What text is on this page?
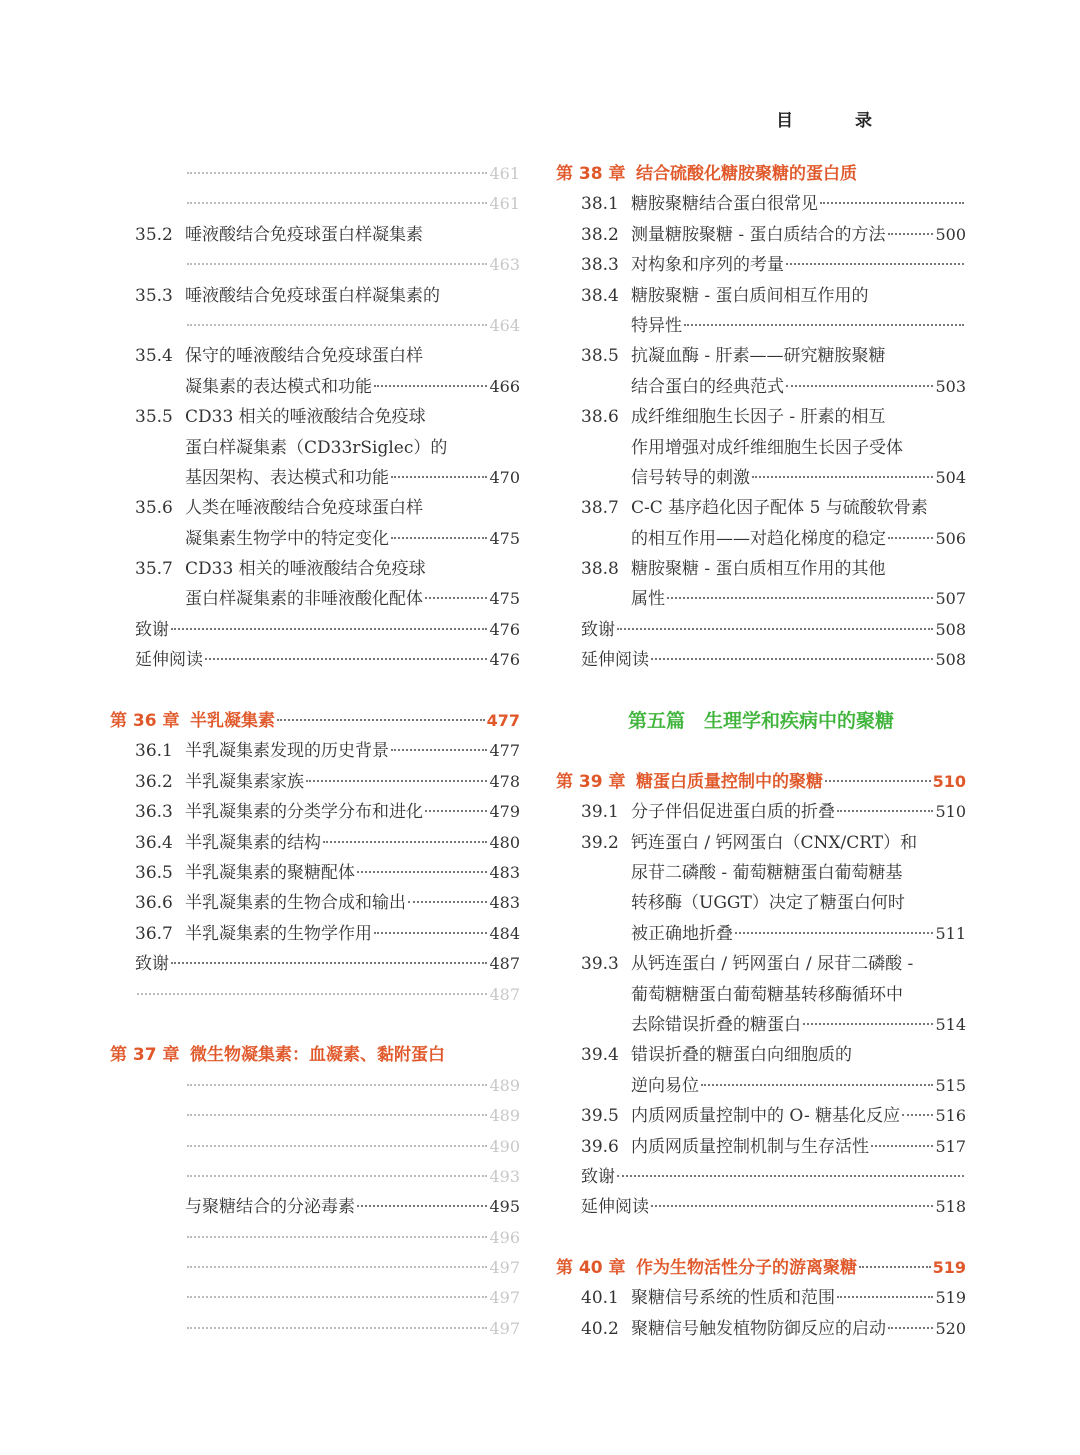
目 录
461
461
35.2 唾液酸结合免疫球蛋白样凝集素
463
35.3 唾液酸结合免疫球蛋白样凝集素的
464
35.4 保守的唾液酸结合免疫球蛋白样
凝集素的表达模式和功能	466
35.5 CD33 相关的唾液酸结合免疫球
蛋白样凝集素（CD33rSiglec）的
基因架构、表达模式和功能	470
35.6 人类在唾液酸结合免疫球蛋白样
凝集素生物学中的特定变化	475
35.7 CD33 相关的唾液酸结合免疫球
蛋白样凝集素的非唾液酸化配体	475
致谢	476
延伸阅读	476
第 36 章 半乳凝集素	477
36.1 半乳凝集素发现的历史背景	477
36.2 半乳凝集素家族	478
36.3 半乳凝集素的分类学分布和进化	479
36.4 半乳凝集素的结构	480
36.5 半乳凝集素的聚糖配体	483
36.6 半乳凝集素的生物合成和输出	483
36.7 半乳凝集素的生物学作用	484
致谢	487
487
第 37 章 微生物凝集素：血凝素、黏附蛋白
489
489
490
493
与聚糖结合的分泌毒素	495
496
497
497
497
第 38 章 结合硫酸化糖胺聚糖的蛋白质
38.1 糖胺聚糖结合蛋白很常见
38.2 测量糖胺聚糖 - 蛋白质结合的方法	500
38.3 对构象和序列的考量
38.4 糖胺聚糖 - 蛋白质间相互作用的
特异性
38.5 抗凝血酶 - 肝素——研究糖胺聚糖
结合蛋白的经典范式	503
38.6 成纤维细胞生长因子 - 肝素的相互
作用增强对成纤维细胞生长因子受体
信号转导的刺激	504
38.7 C-C 基序趋化因子配体 5 与硫酸软骨素
的相互作用——对趋化梯度的稳定	506
38.8 糖胺聚糖 - 蛋白质相互作用的其他
属性	507
致谢	508
延伸阅读	508
第五篇　生理学和疾病中的聚糖
第 39 章 糖蛋白质量控制中的聚糖	510
39.1 分子伴侣促进蛋白质的折叠	510
39.2 钙连蛋白 / 钙网蛋白（CNX/CRT）和
尿苷二磷酸 - 葡萄糖糖蛋白葡萄糖基
转移酶（UGGT）决定了糖蛋白何时
被正确地折叠	511
39.3 从钙连蛋白 / 钙网蛋白 / 尿苷二磷酸 -
葡萄糖糖蛋白葡萄糖基转移酶循环中
去除错误折叠的糖蛋白	514
39.4 错误折叠的糖蛋白向细胞质的
逆向易位	515
39.5 内质网质量控制中的 O- 糖基化反应 516
39.6 内质网质量控制机制与生存活性	517
致谢
延伸阅读	518
第 40 章 作为生物活性分子的游离聚糖	519
40.1 聚糖信号系统的性质和范围	519
40.2 聚糖信号触发植物防御反应的启动	520
